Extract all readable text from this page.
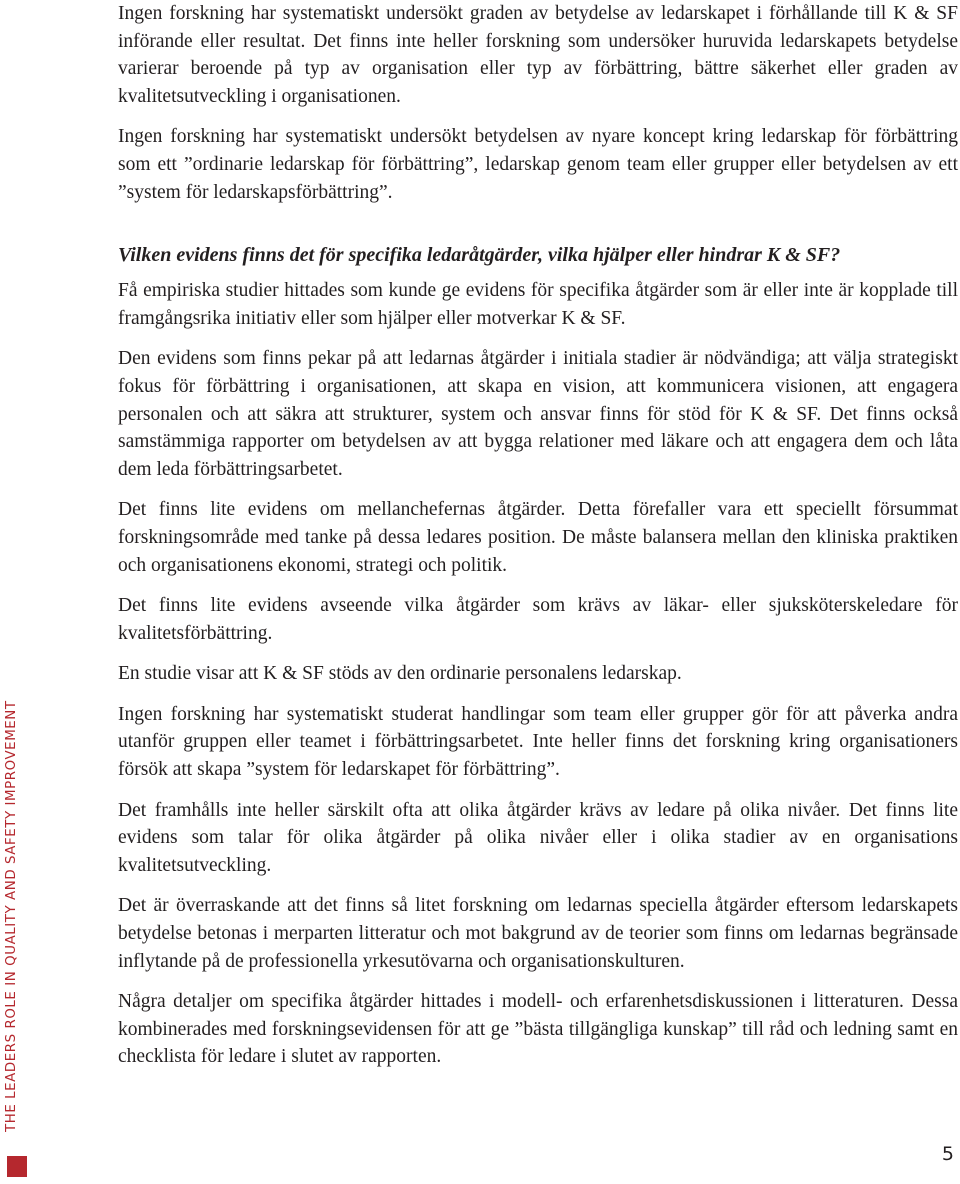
Ingen forskning har systematiskt undersökt graden av betydelse av ledarskapet i förhållande till K & SF införande eller resultat. Det finns inte heller forskning som undersöker huruvida ledarskapets betydelse varierar beroende på typ av organisation eller typ av förbättring, bättre säkerhet eller graden av kvalitetsutveckling i organisationen.

Ingen forskning har systematiskt undersökt betydelsen av nyare koncept kring ledarskap för förbättring som ett ”ordinarie ledarskap för förbättring”, ledarskap genom team eller grupper eller betydelsen av ett ”system för ledarskapsförbättring”.

Vilken evidens finns det för specifika ledaråtgärder, vilka hjälper eller hindrar K & SF?

Få empiriska studier hittades som kunde ge evidens för specifika åtgärder som är eller inte är kopplade till framgångsrika initiativ eller som hjälper eller motverkar K & SF.

Den evidens som finns pekar på att ledarnas åtgärder i initiala stadier är nödvändiga; att välja strategiskt fokus för förbättring i organisationen, att skapa en vision, att kommunicera visionen, att engagera personalen och att säkra att strukturer, system och ansvar finns för stöd för K & SF. Det finns också samstämmiga rapporter om betydelsen av att bygga relationer med läkare och att engagera dem och låta dem leda förbättringsarbetet.

Det finns lite evidens om mellanchefernas åtgärder. Detta förefaller vara ett speciellt försummat forskningsområde med tanke på dessa ledares position. De måste balansera mellan den kliniska praktiken och organisationens ekonomi, strategi och politik.

Det finns lite evidens avseende vilka åtgärder som krävs av läkar- eller sjuksköterskeledare för kvalitetsförbättring.

En studie visar att K & SF stöds av den ordinarie personalens ledarskap.

Ingen forskning har systematiskt studerat handlingar som team eller grupper gör för att påverka andra utanför gruppen eller teamet i förbättringsarbetet. Inte heller finns det forskning kring organisationers försök att skapa ”system för ledarskapet för förbättring”.

Det framhålls inte heller särskilt ofta att olika åtgärder krävs av ledare på olika nivåer. Det finns lite evidens som talar för olika åtgärder på olika nivåer eller i olika stadier av en organisations kvalitetsutveckling.

Det är överraskande att det finns så litet forskning om ledarnas speciella åtgärder eftersom ledarskapets betydelse betonas i merparten litteratur och mot bakgrund av de teorier som finns om ledarnas begränsade inflytande på de professionella yrkesutövarna och organisationskulturen.

Några detaljer om specifika åtgärder hittades i modell- och erfarenhetsdiskussionen i litteraturen. Dessa kombinerades med forskningsevidensen för att ge ”bästa tillgängliga kunskap” till råd och ledning samt en checklista för ledare i slutet av rapporten.

THE LEADERS ROLE IN QUALITY AND SAFETY IMPROVEMENT
5
